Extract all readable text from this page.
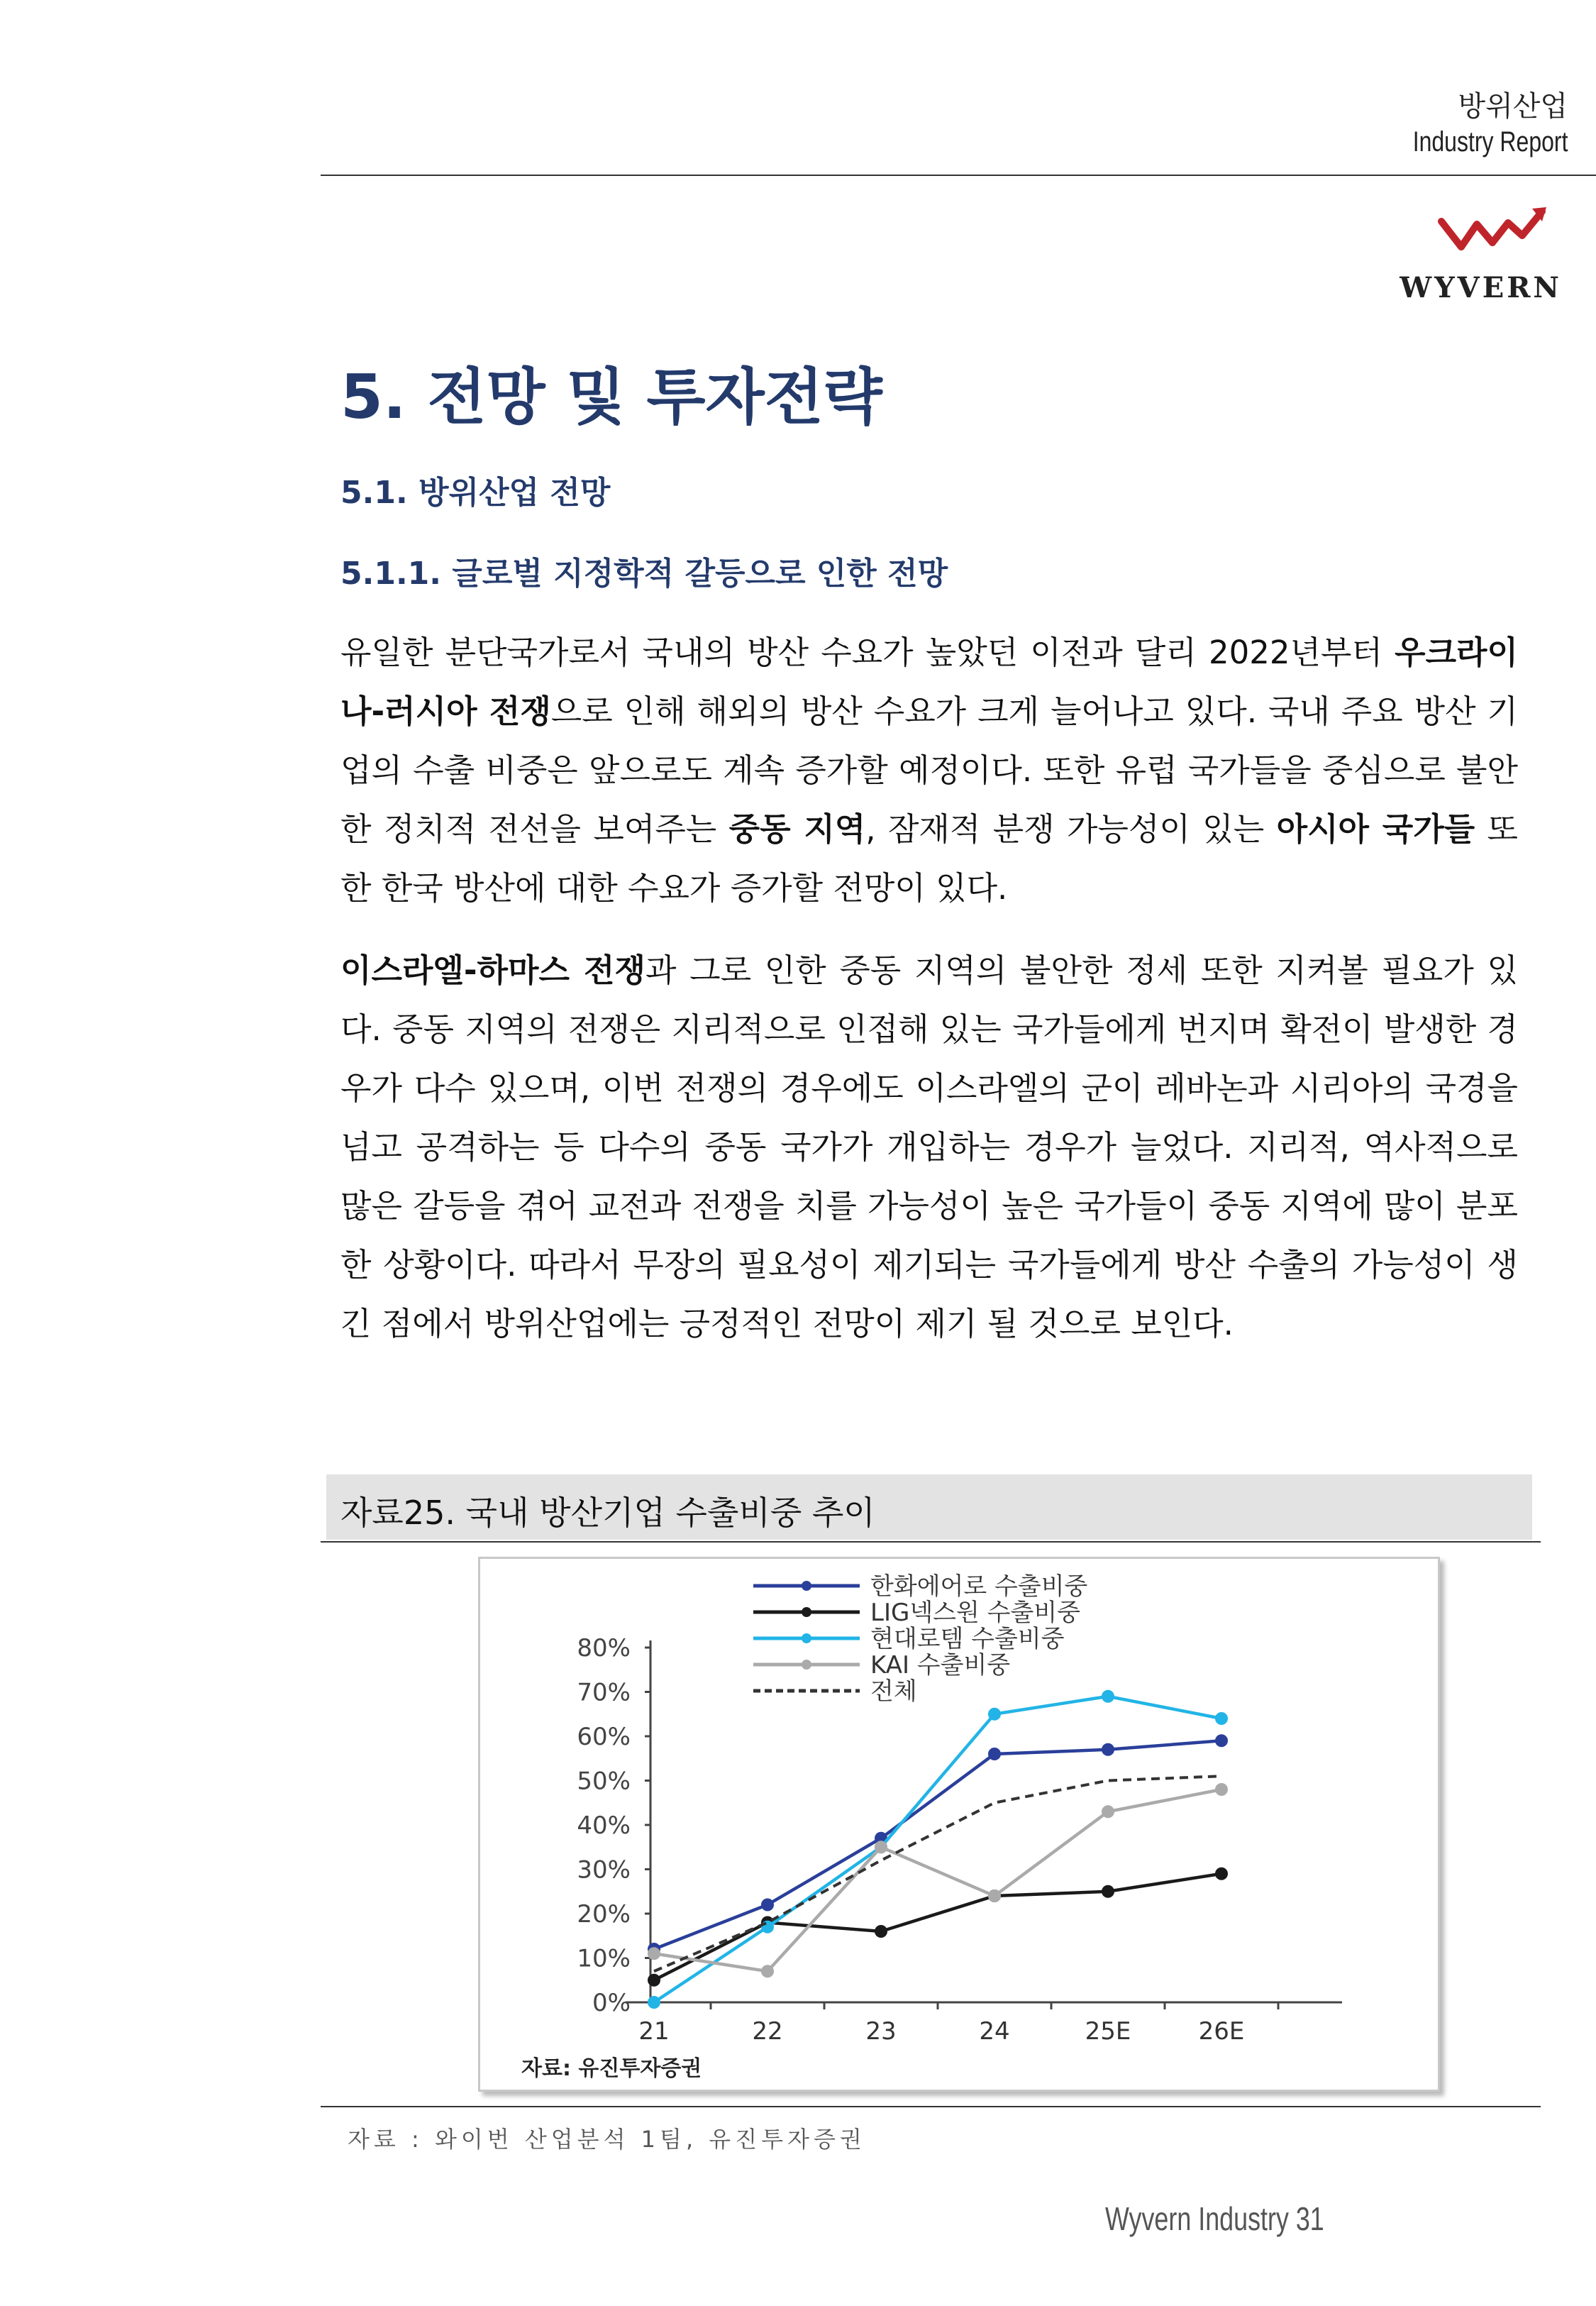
방위산업
Industry Report
WYVERN
5. 전망 및 투자전략
5.1. 방위산업 전망
5.1.1. 글로벌 지정학적 갈등으로 인한 전망
유일한 분단국가로서 국내의 방산 수요가 높았던 이전과 달리 2022년부터 우크라이나-러시아 전쟁으로 인해 해외의 방산 수요가 크게 늘어나고 있다. 국내 주요 방산 기업의 수출 비중은 앞으로도 계속 증가할 예정이다. 또한 유럽 국가들을 중심으로 불안한 정치적 전선을 보여주는 중동 지역, 잠재적 분쟁 가능성이 있는 아시아 국가들 또한 한국 방산에 대한 수요가 증가할 전망이 있다.
이스라엘-하마스 전쟁과 그로 인한 중동 지역의 불안한 정세 또한 지켜볼 필요가 있다. 중동 지역의 전쟁은 지리적으로 인접해 있는 국가들에게 번지며 확전이 발생한 경우가 다수 있으며, 이번 전쟁의 경우에도 이스라엘의 군이 레바논과 시리아의 국경을 넘고 공격하는 등 다수의 중동 국가가 개입하는 경우가 늘었다. 지리적, 역사적으로 많은 갈등을 겪어 교전과 전쟁을 치를 가능성이 높은 국가들이 중동 지역에 많이 분포한 상황이다. 따라서 무장의 필요성이 제기되는 국가들에게 방산 수출의 가능성이 생긴 점에서 방위산업에는 긍정적인 전망이 제기 될 것으로 보인다.
자료25. 국내 방산기업 수출비중 추이
0%
10%
20%
30%
40%
50%
60%
70%
80%
21	22	23	24	25E	26E
한화에어로 수출비중
LIG넥스원 수출비중
현대로템 수출비중
KAI 수출비중
전체
자료: 유진투자증권
자료 : 와이번 산업분석 1팀, 유진투자증권
Wyvern Industry 31
